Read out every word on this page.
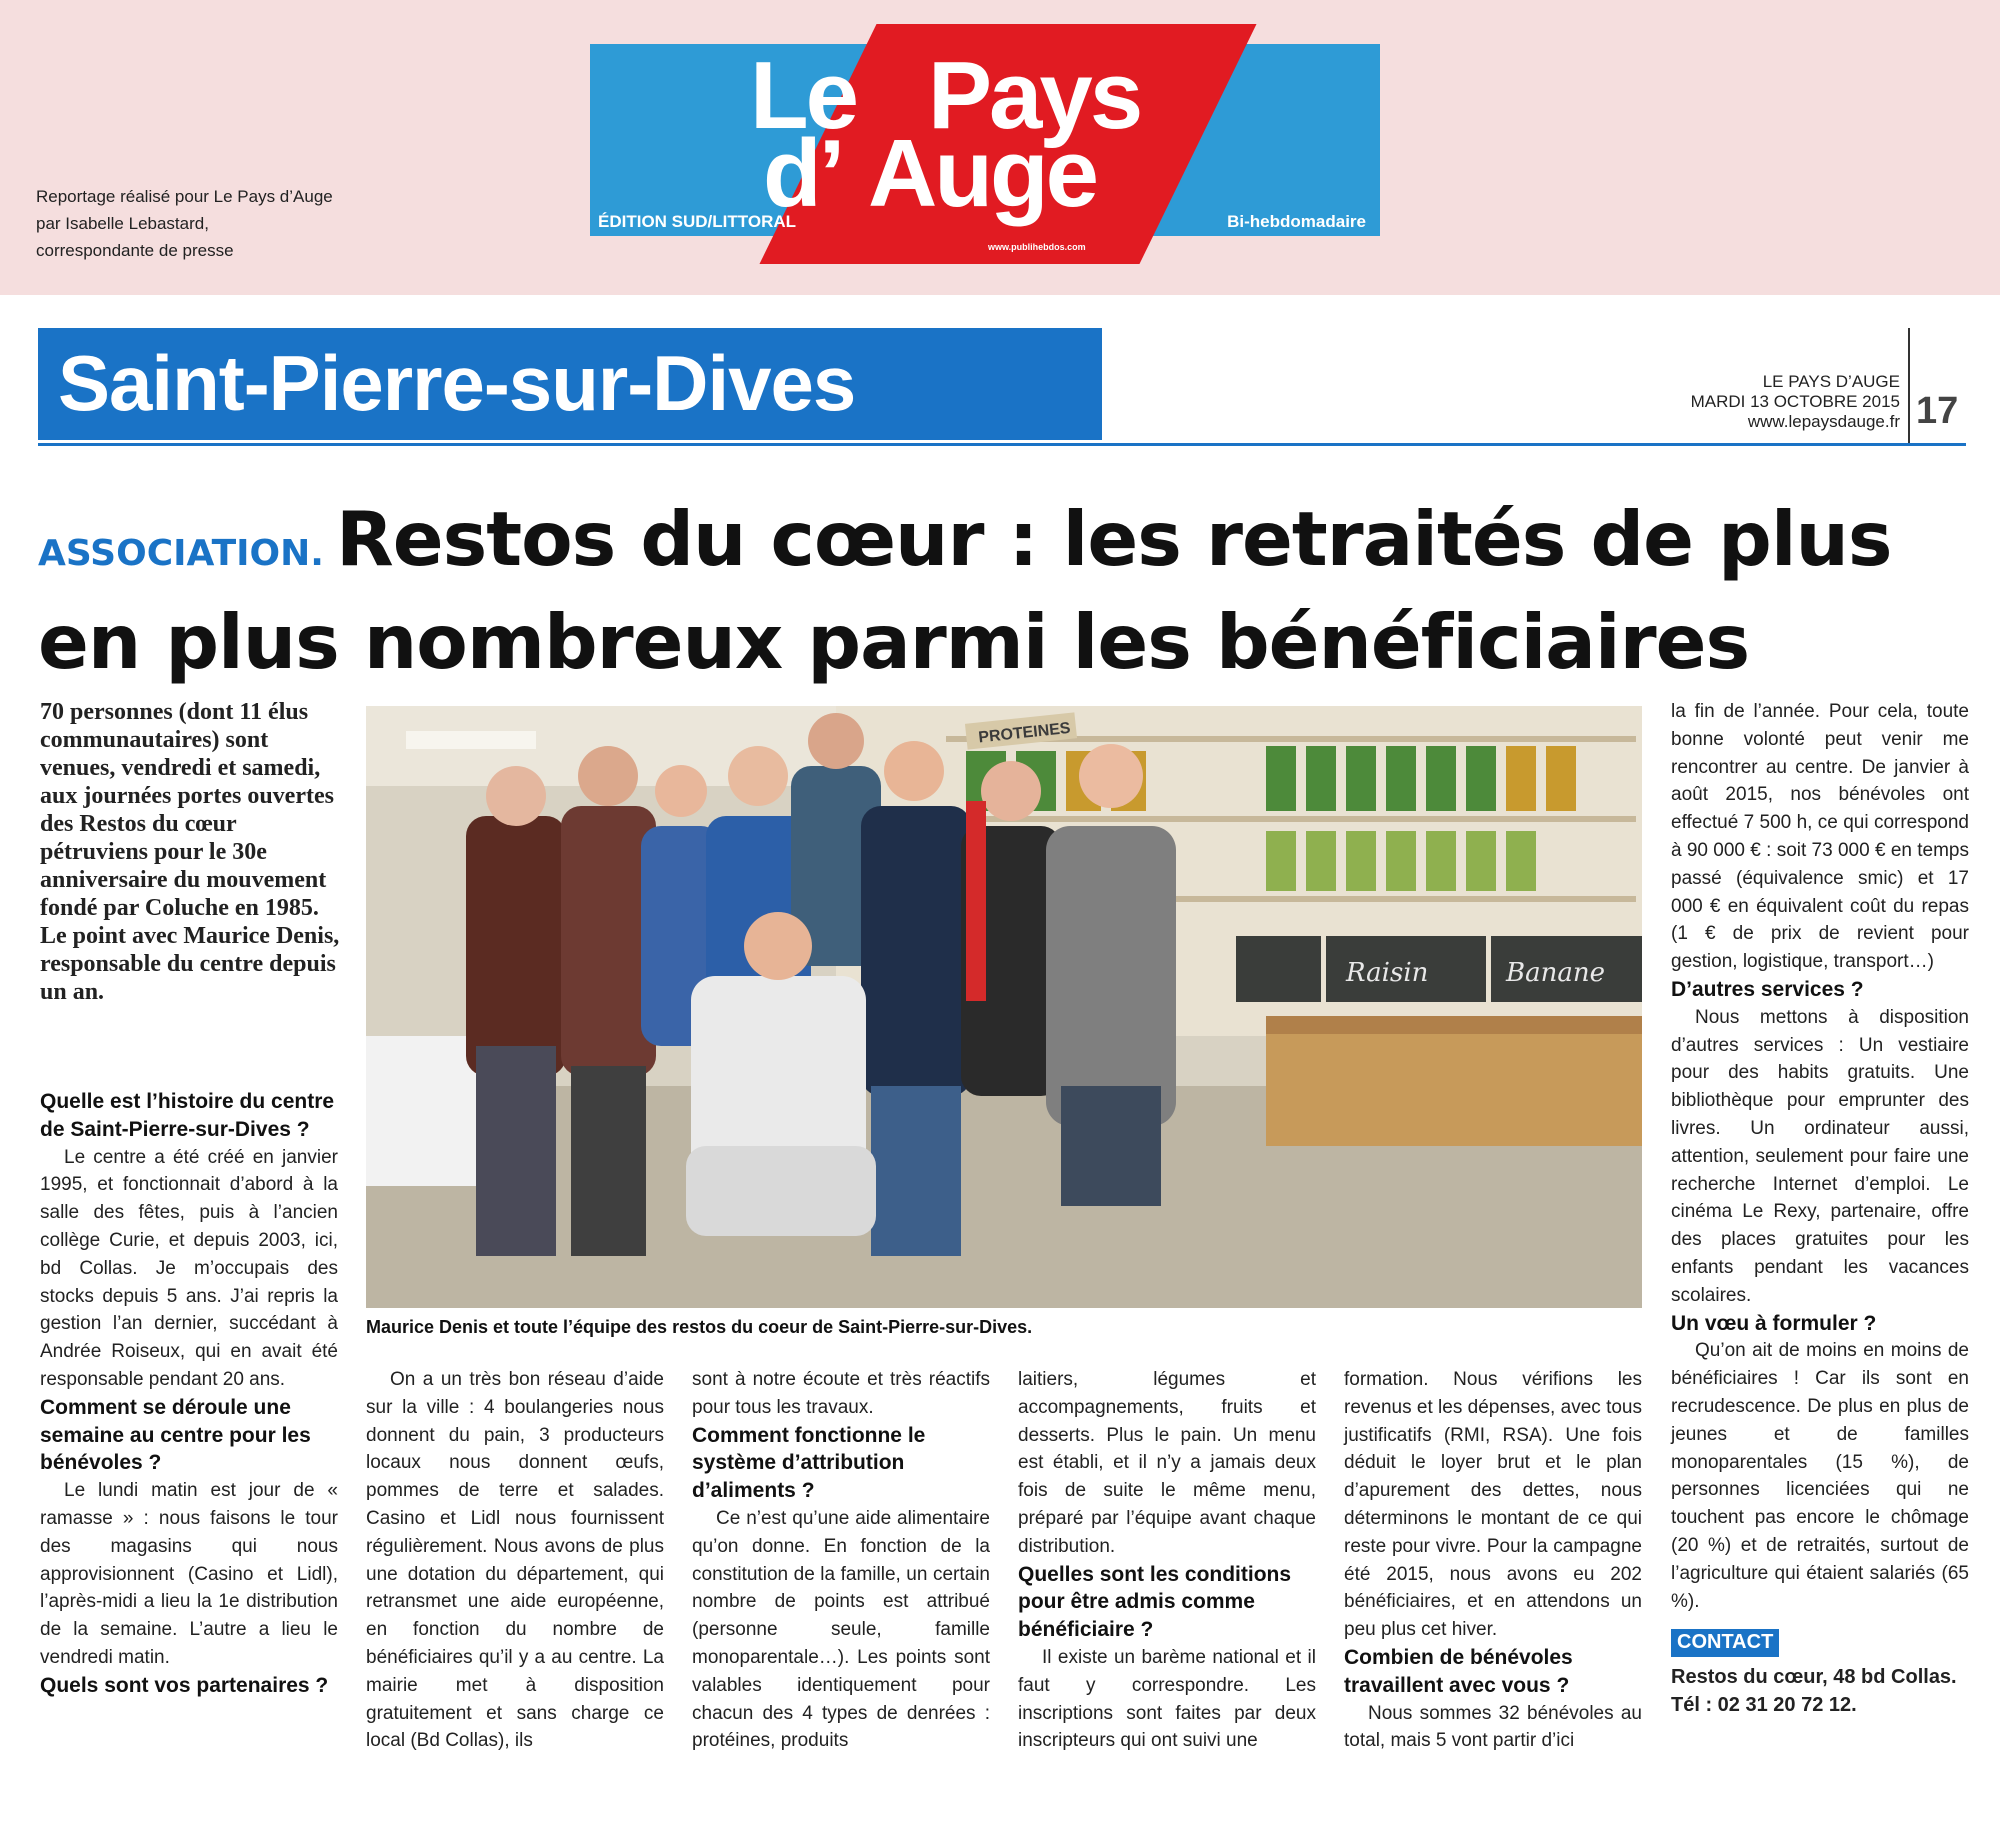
Reportage réalisé pour Le Pays d’Auge
par Isabelle Lebastard,
correspondante de presse
Le
d’
Pays
Auge
ÉDITION SUD/LITTORAL	Bi-hebdomadaire
www.publihebdos.com
Saint-Pierre-sur-Dives	LE PAYS D’AUGE
MARDI 13 OCTOBRE 2015
www.lepaysdauge.fr 17
ASSOCIATION. Restos du cœur : les retraités de plus en plus nombreux parmi les bénéficiaires
70 personnes (dont 11 élus communautaires) sont venues, vendredi et samedi, aux journées portes ouvertes des Restos du cœur pétruviens pour le 30e anniversaire du mouvement fondé par Coluche en 1985. Le point avec Maurice Denis, responsable du centre depuis un an.
PROTEINES
Raisin	Banane
Maurice Denis et toute l’équipe des restos du coeur de Saint-Pierre-sur-Dives.
Quelle est l’histoire du centre de Saint-Pierre-sur-Dives ?

Le centre a été créé en janvier 1995, et fonctionnait d’abord à la salle des fêtes, puis à l’ancien collège Curie, et depuis 2003, ici, bd Collas. Je m’occupais des stocks depuis 5 ans. J’ai repris la gestion l’an dernier, succédant à Andrée Roiseux, qui en avait été responsable pendant 20 ans.

Comment se déroule une semaine au centre pour les bénévoles ?

Le lundi matin est jour de « ramasse » : nous faisons le tour des magasins qui nous approvisionnent (Casino et Lidl), l’après-midi a lieu la 1e distribution de la semaine. L’autre a lieu le vendredi matin.

Quels sont vos partenaires ?

On a un très bon réseau d’aide sur la ville : 4 boulangeries nous donnent du pain, 3 producteurs locaux nous donnent œufs, pommes de terre et salades. Casino et Lidl nous fournissent régulièrement. Nous avons de plus une dotation du département, qui retransmet une aide européenne, en fonction du nombre de bénéficiaires qu’il y a au centre. La mairie met à disposition gratuitement et sans charge ce local (Bd Collas), ils

sont à notre écoute et très réactifs pour tous les travaux.

Comment fonctionne le système d’attribution d’aliments ?

Ce n’est qu’une aide alimentaire qu’on donne. En fonction de la constitution de la famille, un certain nombre de points est attribué (personne seule, famille monoparentale…). Les points sont valables identiquement pour chacun des 4 types de denrées : protéines, produits

laitiers, légumes et accompagnements, fruits et desserts. Plus le pain. Un menu est établi, et il n’y a jamais deux fois de suite le même menu, préparé par l’équipe avant chaque distribution.

Quelles sont les conditions pour être admis comme bénéficiaire ?

Il existe un barème national et il faut y correspondre. Les inscriptions sont faites par deux inscripteurs qui ont suivi une

formation. Nous vérifions les revenus et les dépenses, avec tous justificatifs (RMI, RSA). Une fois déduit le loyer brut et le plan d’apurement des dettes, nous déterminons le montant de ce qui reste pour vivre. Pour la campagne été 2015, nous avons eu 202 bénéficiaires, et en attendons un peu plus cet hiver.

Combien de bénévoles travaillent avec vous ?

Nous sommes 32 bénévoles au total, mais 5 vont partir d’ici

la fin de l’année. Pour cela, toute bonne volonté peut venir me rencontrer au centre. De janvier à août 2015, nos bénévoles ont effectué 7 500 h, ce qui correspond à 90 000 € : soit 73 000 € en temps passé (équivalence smic) et 17 000 € en équivalent coût du repas (1 € de prix de revient pour gestion, logistique, transport…)

D’autres services ?

Nous mettons à disposition d’autres services : Un vestiaire pour des habits gratuits. Une bibliothèque pour emprunter des livres. Un ordinateur aussi, attention, seulement pour faire une recherche Internet d’emploi. Le cinéma Le Rexy, partenaire, offre des places gratuites pour les enfants pendant les vacances scolaires.

Un vœu à formuler ?

Qu’on ait de moins en moins de bénéficiaires ! Car ils sont en recrudescence. De plus en plus de jeunes et de familles monoparentales (15 %), de personnes licenciées qui ne touchent pas encore le chômage (20 %) et de retraités, surtout de l’agriculture qui étaient salariés (65 %).

CONTACT
Restos du cœur, 48 bd Collas. Tél : 02 31 20 72 12.
